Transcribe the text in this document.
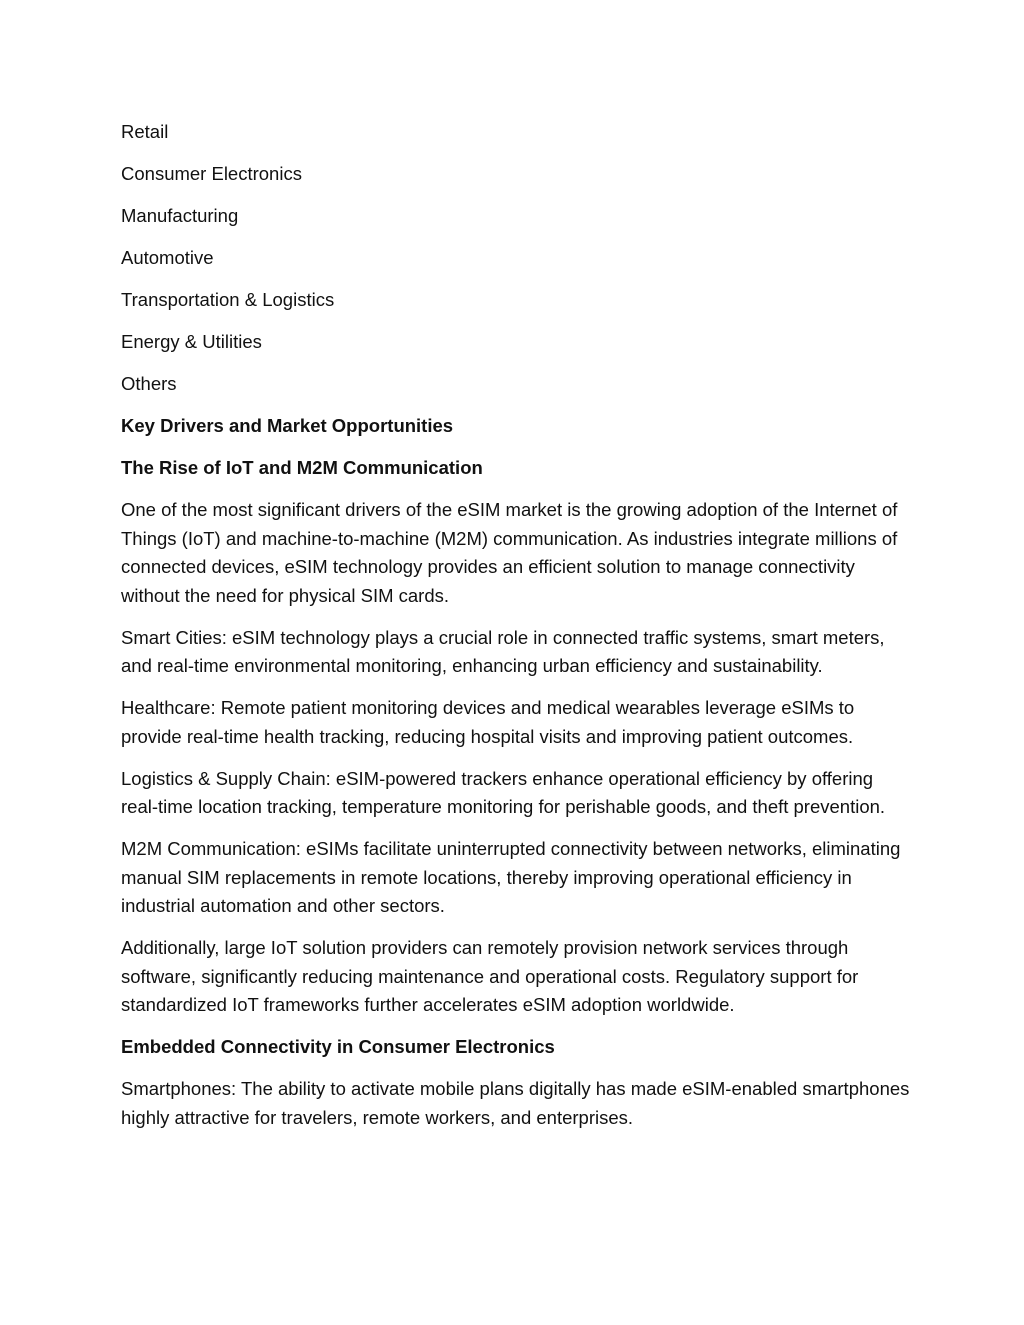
Retail

Consumer Electronics

Manufacturing

Automotive

Transportation & Logistics

Energy & Utilities

Others

Key Drivers and Market Opportunities

The Rise of IoT and M2M Communication

One of the most significant drivers of the eSIM market is the growing adoption of the Internet of Things (IoT) and machine-to-machine (M2M) communication. As industries integrate millions of connected devices, eSIM technology provides an efficient solution to manage connectivity without the need for physical SIM cards.

Smart Cities: eSIM technology plays a crucial role in connected traffic systems, smart meters, and real-time environmental monitoring, enhancing urban efficiency and sustainability.

Healthcare: Remote patient monitoring devices and medical wearables leverage eSIMs to provide real-time health tracking, reducing hospital visits and improving patient outcomes.

Logistics & Supply Chain: eSIM-powered trackers enhance operational efficiency by offering real-time location tracking, temperature monitoring for perishable goods, and theft prevention.

M2M Communication: eSIMs facilitate uninterrupted connectivity between networks, eliminating manual SIM replacements in remote locations, thereby improving operational efficiency in industrial automation and other sectors.

Additionally, large IoT solution providers can remotely provision network services through software, significantly reducing maintenance and operational costs. Regulatory support for standardized IoT frameworks further accelerates eSIM adoption worldwide.

Embedded Connectivity in Consumer Electronics

Smartphones: The ability to activate mobile plans digitally has made eSIM-enabled smartphones highly attractive for travelers, remote workers, and enterprises.
